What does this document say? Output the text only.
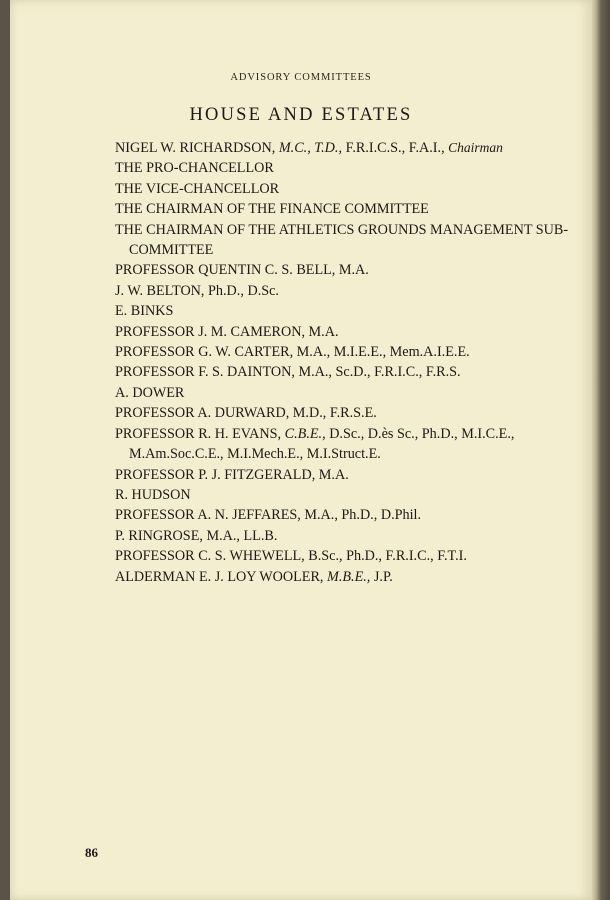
ADVISORY COMMITTEES
HOUSE AND ESTATES
NIGEL W. RICHARDSON, M.C., T.D., F.R.I.C.S., F.A.I., Chairman
THE PRO-CHANCELLOR
THE VICE-CHANCELLOR
THE CHAIRMAN OF THE FINANCE COMMITTEE
THE CHAIRMAN OF THE ATHLETICS GROUNDS MANAGEMENT SUB-COMMITTEE
PROFESSOR QUENTIN C. S. BELL, M.A.
J. W. BELTON, Ph.D., D.Sc.
E. BINKS
PROFESSOR J. M. CAMERON, M.A.
PROFESSOR G. W. CARTER, M.A., M.I.E.E., Mem.A.I.E.E.
PROFESSOR F. S. DAINTON, M.A., Sc.D., F.R.I.C., F.R.S.
A. DOWER
PROFESSOR A. DURWARD, M.D., F.R.S.E.
PROFESSOR R. H. EVANS, C.B.E., D.Sc., D.ès Sc., Ph.D., M.I.C.E., M.Am.Soc.C.E., M.I.Mech.E., M.I.Struct.E.
PROFESSOR P. J. FITZGERALD, M.A.
R. HUDSON
PROFESSOR A. N. JEFFARES, M.A., Ph.D., D.Phil.
P. RINGROSE, M.A., LL.B.
PROFESSOR C. S. WHEWELL, B.Sc., Ph.D., F.R.I.C., F.T.I.
ALDERMAN E. J. LOY WOOLER, M.B.E., J.P.
86
